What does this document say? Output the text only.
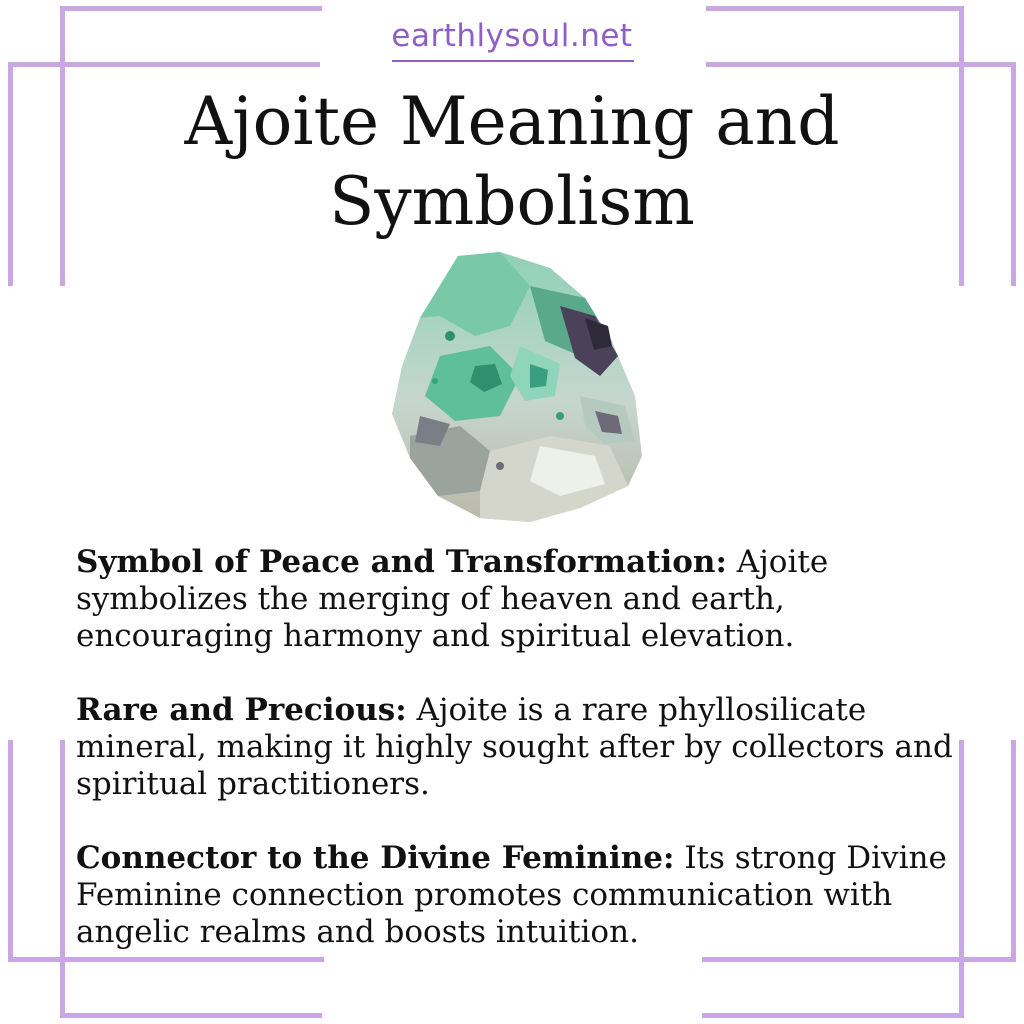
earthlysoul.net
Ajoite Meaning and Symbolism

Symbol of Peace and Transformation: Ajoite symbolizes the merging of heaven and earth, encouraging harmony and spiritual elevation.

Rare and Precious: Ajoite is a rare phyllosilicate mineral, making it highly sought after by collectors and spiritual practitioners.

Connector to the Divine Feminine: Its strong Divine Feminine connection promotes communication with angelic realms and boosts intuition.
